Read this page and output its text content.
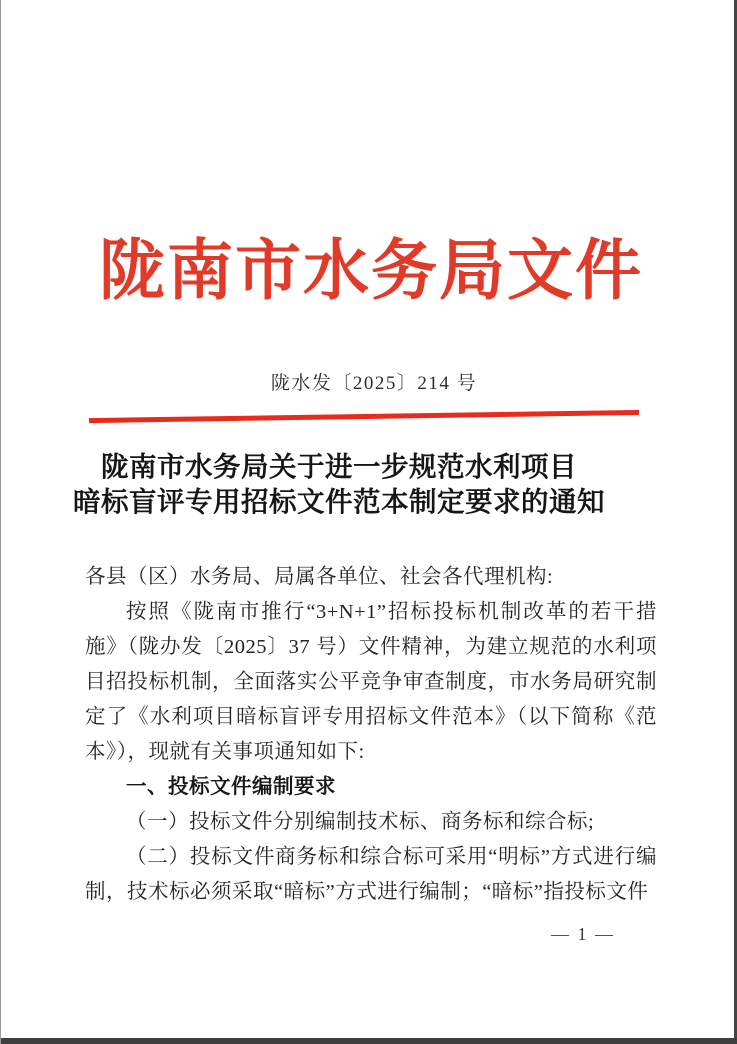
陇南市水务局文件
陇水发〔2025〕214 号
陇南市水务局关于进一步规范水利项目
暗标盲评专用招标文件范本制定要求的通知

各县（区）水务局、局属各单位、社会各代理机构:

按照《陇南市推行“3+N+1”招标投标机制改革的若干措施》（陇办发〔2025〕37 号）文件精神，为建立规范的水利项目招投标机制，全面落实公平竞争审查制度，市水务局研究制定了《水利项目暗标盲评专用招标文件范本》（以下简称《范本》），现就有关事项通知如下:

一、投标文件编制要求

（一）投标文件分别编制技术标、商务标和综合标;

（二）投标文件商务标和综合标可采用“明标”方式进行编制，技术标必须采取“暗标”方式进行编制；“暗标”指投标文件

— 1 —
